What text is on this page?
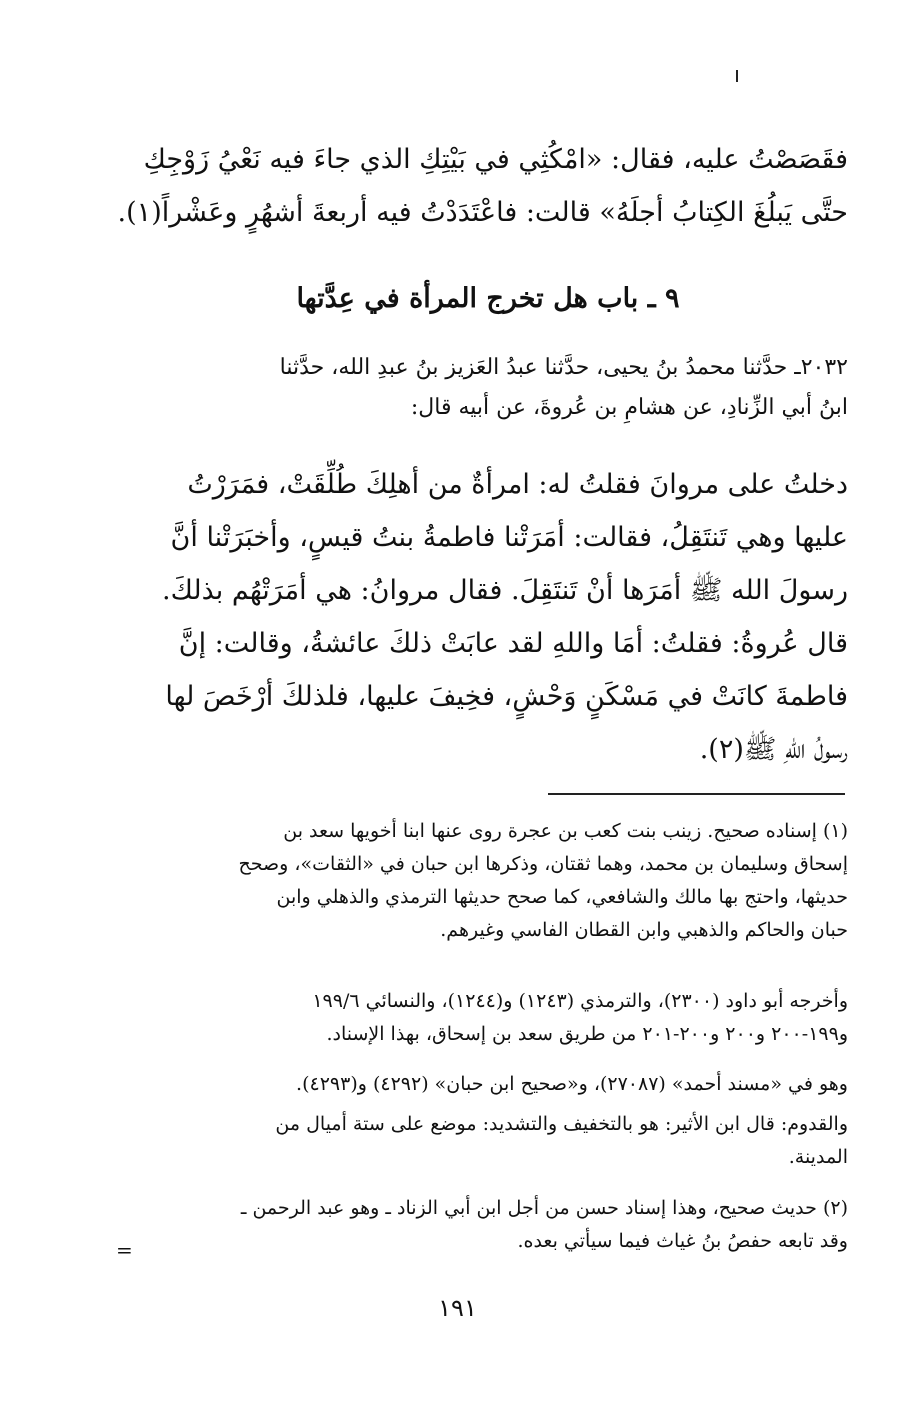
فقَصَصْتُ عليه، فقال: «امْكُثِي في بَيْتِكِ الذي جاءَ فيه نَعْيُ زَوْجِكِ
حتَّى يَبلُغَ الكِتابُ أجلَهُ» قالت: فاعْتَدَدْتُ فيه أربعةَ أشهُرٍ وعَشْراً(١).
٩ ـ باب هل تخرج المرأة في عِدَّتها
٢٠٣٢ـ حدَّثنا محمدُ بنُ يحيى، حدَّثنا عبدُ العَزيز بنُ عبدِ الله، حدَّثنا
ابنُ أبي الزِّنادِ، عن هشامِ بن عُروةَ، عن أبيه قال:
دخلتُ على مروانَ فقلتُ له: امرأةٌ من أهلِكَ طُلِّقَتْ، فمَرَرْتُ
عليها وهي تَنتَقِلُ، فقالت: أمَرَتْنا فاطمةُ بنتُ قيسٍ، وأخبَرَتْنا أنَّ
رسولَ الله ﷺ أمَرَها أنْ تَنتَقِلَ. فقال مروانُ: هي أمَرَتْهُم بذلكَ.
قال عُروةُ: فقلتُ: أمَا واللهِ لقد عابَتْ ذلكَ عائشةُ، وقالت: إنَّ
فاطمةَ كانَتْ في مَسْكَنٍ وَحْشٍ، فخِيفَ عليها، فلذلكَ أرْخَصَ لها
رسولُ اللهِ ﷺ(٢).
(١) إسناده صحيح. زينب بنت كعب بن عجرة روى عنها ابنا أخويها سعد بن
إسحاق وسليمان بن محمد، وهما ثقتان، وذكرها ابن حبان في «الثقات»، وصحح
حديثها، واحتج بها مالك والشافعي، كما صحح حديثها الترمذي والذهلي وابن
حبان والحاكم والذهبي وابن القطان الفاسي وغيرهم.
وأخرجه أبو داود (٢٣٠٠)، والترمذي (١٢٤٣) و(١٢٤٤)، والنسائي ١٩٩/٦
و١٩٩-٢٠٠ و٢٠٠ و٢٠٠-٢٠١ من طريق سعد بن إسحاق، بهذا الإسناد.
وهو في «مسند أحمد» (٢٧٠٨٧)، و«صحيح ابن حبان» (٤٢٩٢) و(٤٢٩٣).
والقدوم: قال ابن الأثير: هو بالتخفيف والتشديد: موضع على ستة أميال من
المدينة.
(٢) حديث صحيح، وهذا إسناد حسن من أجل ابن أبي الزناد ـ وهو عبد الرحمن ـ
وقد تابعه حفصُ بنُ غياث فيما سيأتي بعده.
=
١٩١
